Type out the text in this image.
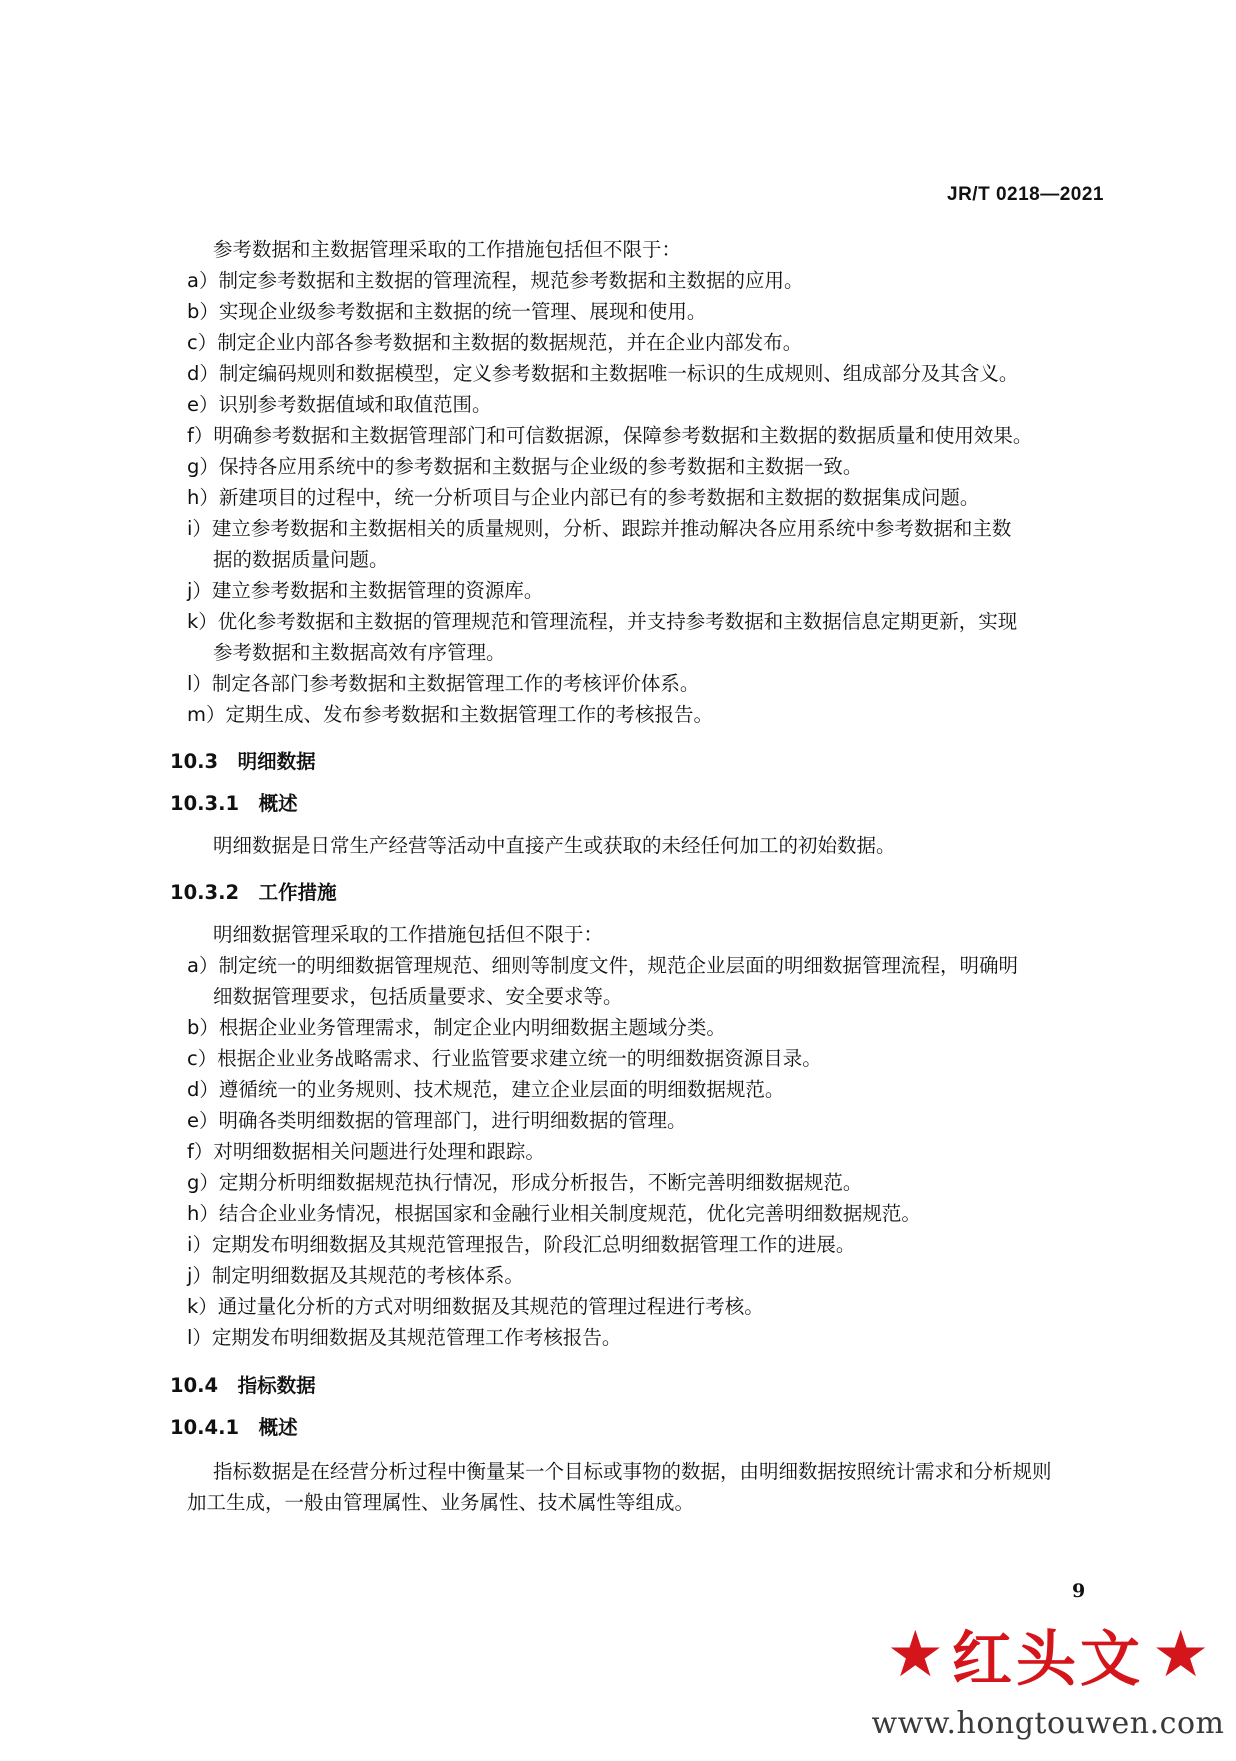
JR/T 0218—2021
参考数据和主数据管理采取的工作措施包括但不限于：
a）制定参考数据和主数据的管理流程，规范参考数据和主数据的应用。
b）实现企业级参考数据和主数据的统一管理、展现和使用。
c）制定企业内部各参考数据和主数据的数据规范，并在企业内部发布。
d）制定编码规则和数据模型，定义参考数据和主数据唯一标识的生成规则、组成部分及其含义。
e）识别参考数据值域和取值范围。
f）明确参考数据和主数据管理部门和可信数据源，保障参考数据和主数据的数据质量和使用效果。
g）保持各应用系统中的参考数据和主数据与企业级的参考数据和主数据一致。
h）新建项目的过程中，统一分析项目与企业内部已有的参考数据和主数据的数据集成问题。
i）建立参考数据和主数据相关的质量规则，分析、跟踪并推动解决各应用系统中参考数据和主数
据的数据质量问题。
j）建立参考数据和主数据管理的资源库。
k）优化参考数据和主数据的管理规范和管理流程，并支持参考数据和主数据信息定期更新，实现
参考数据和主数据高效有序管理。
l）制定各部门参考数据和主数据管理工作的考核评价体系。
m）定期生成、发布参考数据和主数据管理工作的考核报告。
10.3　明细数据
10.3.1　概述
明细数据是日常生产经营等活动中直接产生或获取的未经任何加工的初始数据。
10.3.2　工作措施
明细数据管理采取的工作措施包括但不限于：
a）制定统一的明细数据管理规范、细则等制度文件，规范企业层面的明细数据管理流程，明确明
细数据管理要求，包括质量要求、安全要求等。
b）根据企业业务管理需求，制定企业内明细数据主题域分类。
c）根据企业业务战略需求、行业监管要求建立统一的明细数据资源目录。
d）遵循统一的业务规则、技术规范，建立企业层面的明细数据规范。
e）明确各类明细数据的管理部门，进行明细数据的管理。
f）对明细数据相关问题进行处理和跟踪。
g）定期分析明细数据规范执行情况，形成分析报告，不断完善明细数据规范。
h）结合企业业务情况，根据国家和金融行业相关制度规范，优化完善明细数据规范。
i）定期发布明细数据及其规范管理报告，阶段汇总明细数据管理工作的进展。
j）制定明细数据及其规范的考核体系。
k）通过量化分析的方式对明细数据及其规范的管理过程进行考核。
l）定期发布明细数据及其规范管理工作考核报告。
10.4　指标数据
10.4.1　概述
指标数据是在经营分析过程中衡量某一个目标或事物的数据，由明细数据按照统计需求和分析规则
加工生成，一般由管理属性、业务属性、技术属性等组成。
9
★ 红头文 ★
www.hongtouwen.com
